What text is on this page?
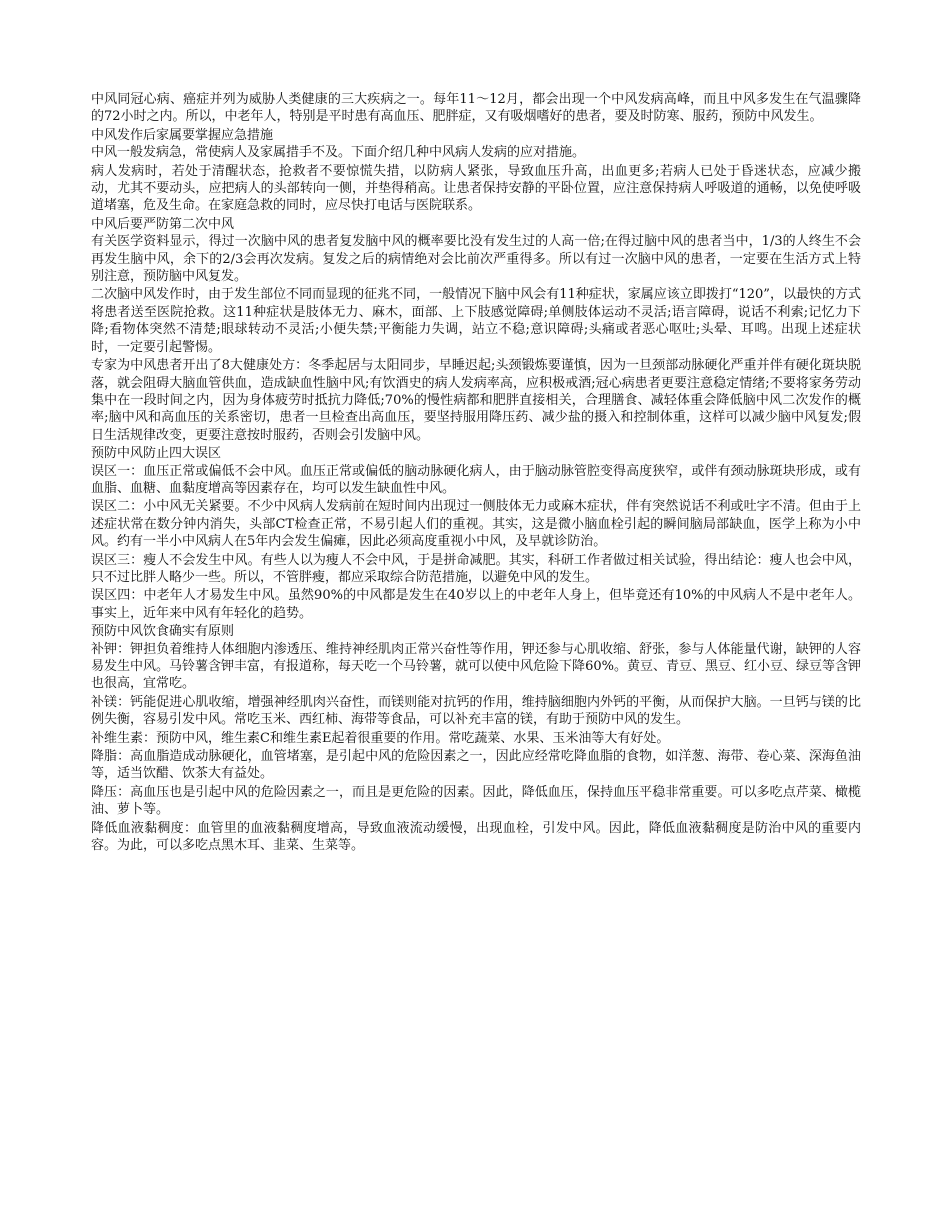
中风同冠心病、癌症并列为威胁人类健康的三大疾病之一。每年11～12月，都会出现一个中风发病高峰，而且中风多发生在气温骤降的72小时之内。所以，中老年人，特别是平时患有高血压、肥胖症，又有吸烟嗜好的患者，要及时防寒、服药，预防中风发生。

中风发作后家属要掌握应急措施

中风一般发病急，常使病人及家属措手不及。下面介绍几种中风病人发病的应对措施。

病人发病时，若处于清醒状态，抢救者不要惊慌失措，以防病人紧张，导致血压升高，出血更多;若病人已处于昏迷状态，应减少搬动，尤其不要动头，应把病人的头部转向一侧，并垫得稍高。让患者保持安静的平卧位置，应注意保持病人呼吸道的通畅，以免使呼吸道堵塞，危及生命。在家庭急救的同时，应尽快打电话与医院联系。

中风后要严防第二次中风

有关医学资料显示，得过一次脑中风的患者复发脑中风的概率要比没有发生过的人高一倍;在得过脑中风的患者当中，1/3的人终生不会再发生脑中风，余下的2/3会再次发病。复发之后的病情绝对会比前次严重得多。所以有过一次脑中风的患者，一定要在生活方式上特别注意，预防脑中风复发。

二次脑中风发作时，由于发生部位不同而显现的征兆不同，一般情况下脑中风会有11种症状，家属应该立即拨打“120”，以最快的方式将患者送至医院抢救。这11种症状是肢体无力、麻木，面部、上下肢感觉障碍;单侧肢体运动不灵活;语言障碍，说话不利索;记忆力下降;看物体突然不清楚;眼球转动不灵活;小便失禁;平衡能力失调，站立不稳;意识障碍;头痛或者恶心呕吐;头晕、耳鸣。出现上述症状时，一定要引起警惕。

专家为中风患者开出了8大健康处方：冬季起居与太阳同步，早睡迟起;头颈锻炼要谨慎，因为一旦颈部动脉硬化严重并伴有硬化斑块脱落，就会阻碍大脑血管供血，造成缺血性脑中风;有饮酒史的病人发病率高，应积极戒酒;冠心病患者更要注意稳定情绪;不要将家务劳动集中在一段时间之内，因为身体疲劳时抵抗力降低;70%的慢性病都和肥胖直接相关，合理膳食、减轻体重会降低脑中风二次发作的概率;脑中风和高血压的关系密切，患者一旦检查出高血压，要坚持服用降压药、减少盐的摄入和控制体重，这样可以减少脑中风复发;假日生活规律改变，更要注意按时服药，否则会引发脑中风。

预防中风防止四大误区

误区一：血压正常或偏低不会中风。血压正常或偏低的脑动脉硬化病人，由于脑动脉管腔变得高度狭窄，或伴有颈动脉斑块形成，或有血脂、血糖、血黏度增高等因素存在，均可以发生缺血性中风。

误区二：小中风无关紧要。不少中风病人发病前在短时间内出现过一侧肢体无力或麻木症状，伴有突然说话不利或吐字不清。但由于上述症状常在数分钟内消失，头部CT检查正常，不易引起人们的重视。其实，这是微小脑血栓引起的瞬间脑局部缺血，医学上称为小中风。约有一半小中风病人在5年内会发生偏瘫，因此必须高度重视小中风，及早就诊防治。

误区三：瘦人不会发生中风。有些人以为瘦人不会中风，于是拼命减肥。其实，科研工作者做过相关试验，得出结论：瘦人也会中风，只不过比胖人略少一些。所以，不管胖瘦，都应采取综合防范措施，以避免中风的发生。

误区四：中老年人才易发生中风。虽然90%的中风都是发生在40岁以上的中老年人身上，但毕竟还有10%的中风病人不是中老年人。事实上，近年来中风有年轻化的趋势。

预防中风饮食确实有原则

补钾：钾担负着维持人体细胞内渗透压、维持神经肌肉正常兴奋性等作用，钾还参与心肌收缩、舒张，参与人体能量代谢，缺钾的人容易发生中风。马铃薯含钾丰富，有报道称，每天吃一个马铃薯，就可以使中风危险下降60%。黄豆、青豆、黑豆、红小豆、绿豆等含钾也很高，宜常吃。

补镁：钙能促进心肌收缩，增强神经肌肉兴奋性，而镁则能对抗钙的作用，维持脑细胞内外钙的平衡，从而保护大脑。一旦钙与镁的比例失衡，容易引发中风。常吃玉米、西红柿、海带等食品，可以补充丰富的镁，有助于预防中风的发生。

补维生素：预防中风，维生素C和维生素E起着很重要的作用。常吃蔬菜、水果、玉米油等大有好处。

降脂：高血脂造成动脉硬化，血管堵塞，是引起中风的危险因素之一，因此应经常吃降血脂的食物，如洋葱、海带、卷心菜、深海鱼油等，适当饮醋、饮茶大有益处。

降压：高血压也是引起中风的危险因素之一，而且是更危险的因素。因此，降低血压，保持血压平稳非常重要。可以多吃点芹菜、橄榄油、萝卜等。

降低血液黏稠度：血管里的血液黏稠度增高，导致血液流动缓慢，出现血栓，引发中风。因此，降低血液黏稠度是防治中风的重要内容。为此，可以多吃点黑木耳、韭菜、生菜等。
